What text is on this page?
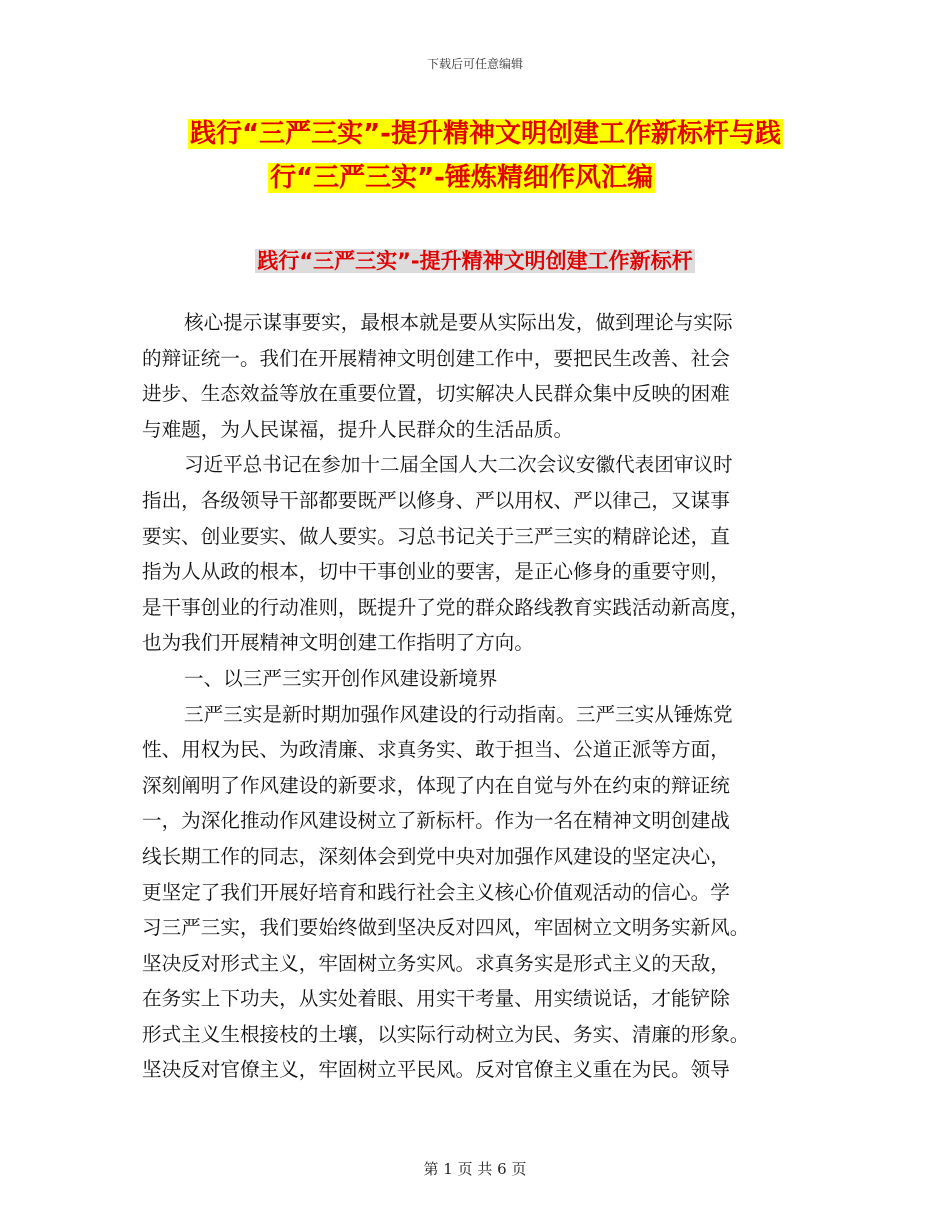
下载后可任意编辑
践行“三严三实”-提升精神文明创建工作新标杆与践
行“三严三实”-锤炼精细作风汇编
践行“三严三实”-提升精神文明创建工作新标杆

核心提示谋事要实，最根本就是要从实际出发，做到理论与实际
的辩证统一。我们在开展精神文明创建工作中，要把民生改善、社会
进步、生态效益等放在重要位置，切实解决人民群众集中反映的困难
与难题，为人民谋福，提升人民群众的生活品质。

习近平总书记在参加十二届全国人大二次会议安徽代表团审议时
指出，各级领导干部都要既严以修身、严以用权、严以律己，又谋事
要实、创业要实、做人要实。习总书记关于三严三实的精辟论述，直
指为人从政的根本，切中干事创业的要害，是正心修身的重要守则，
是干事创业的行动准则，既提升了党的群众路线教育实践活动新高度，
也为我们开展精神文明创建工作指明了方向。

一、以三严三实开创作风建设新境界

三严三实是新时期加强作风建设的行动指南。三严三实从锤炼党
性、用权为民、为政清廉、求真务实、敢于担当、公道正派等方面，
深刻阐明了作风建设的新要求，体现了内在自觉与外在约束的辩证统
一，为深化推动作风建设树立了新标杆。作为一名在精神文明创建战
线长期工作的同志，深刻体会到党中央对加强作风建设的坚定决心，
更坚定了我们开展好培育和践行社会主义核心价值观活动的信心。学
习三严三实，我们要始终做到坚决反对四风，牢固树立文明务实新风。
坚决反对形式主义，牢固树立务实风。求真务实是形式主义的天敌，
在务实上下功夫，从实处着眼、用实干考量、用实绩说话，才能铲除
形式主义生根接枝的土壤，以实际行动树立为民、务实、清廉的形象。
坚决反对官僚主义，牢固树立平民风。反对官僚主义重在为民。领导

第 1 页 共 6 页
